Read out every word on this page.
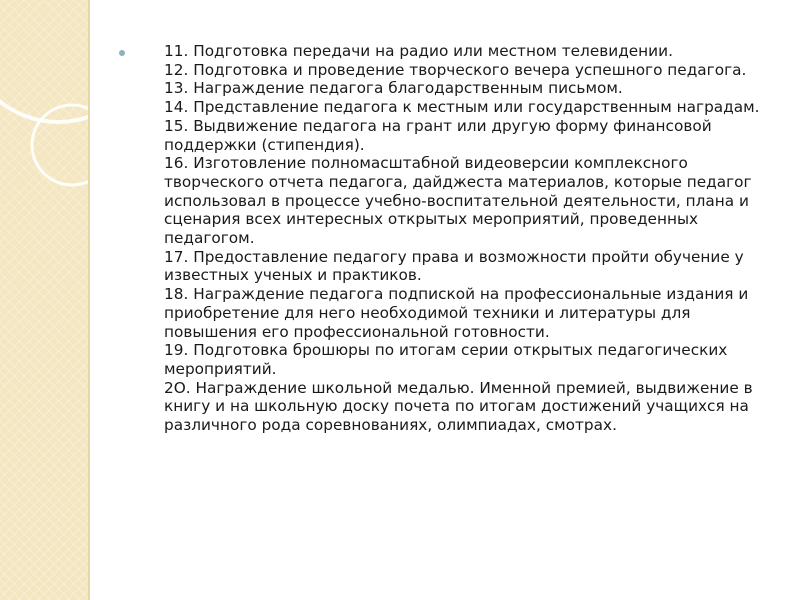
11. Подготовка передачи на радио или местном телевидении.
12. Подготовка и проведение творческого вечера успешного педагога.
13. Награждение педагога благодарственным письмом.
14. Представление педагога к местным или государственным наградам.
15. Выдвижение педагога на грант или другую форму финансовой поддержки (стипендия).
16. Изготовление полномасштабной видеоверсии комплексного творческого отчета педагога, дайджеста материалов, которые педагог использовал в процессе учебно-воспитательной деятельности, плана и сценария всех интересных открытых мероприятий, проведенных педагогом.
17. Предоставление педагогу права и возможности пройти обучение у известных ученых и практиков.
18. Награждение педагога подпиской на профессиональные издания и приобретение для него необходимой техники и литературы для повышения его профессиональной готовности.
19. Подготовка брошюры по итогам серии открытых педагогических мероприятий.
2О. Награждение школьной медалью. Именной премией, выдвижение в книгу и на школьную доску почета по итогам достижений учащихся на различного рода соревнованиях, олимпиадах, смотрах.
